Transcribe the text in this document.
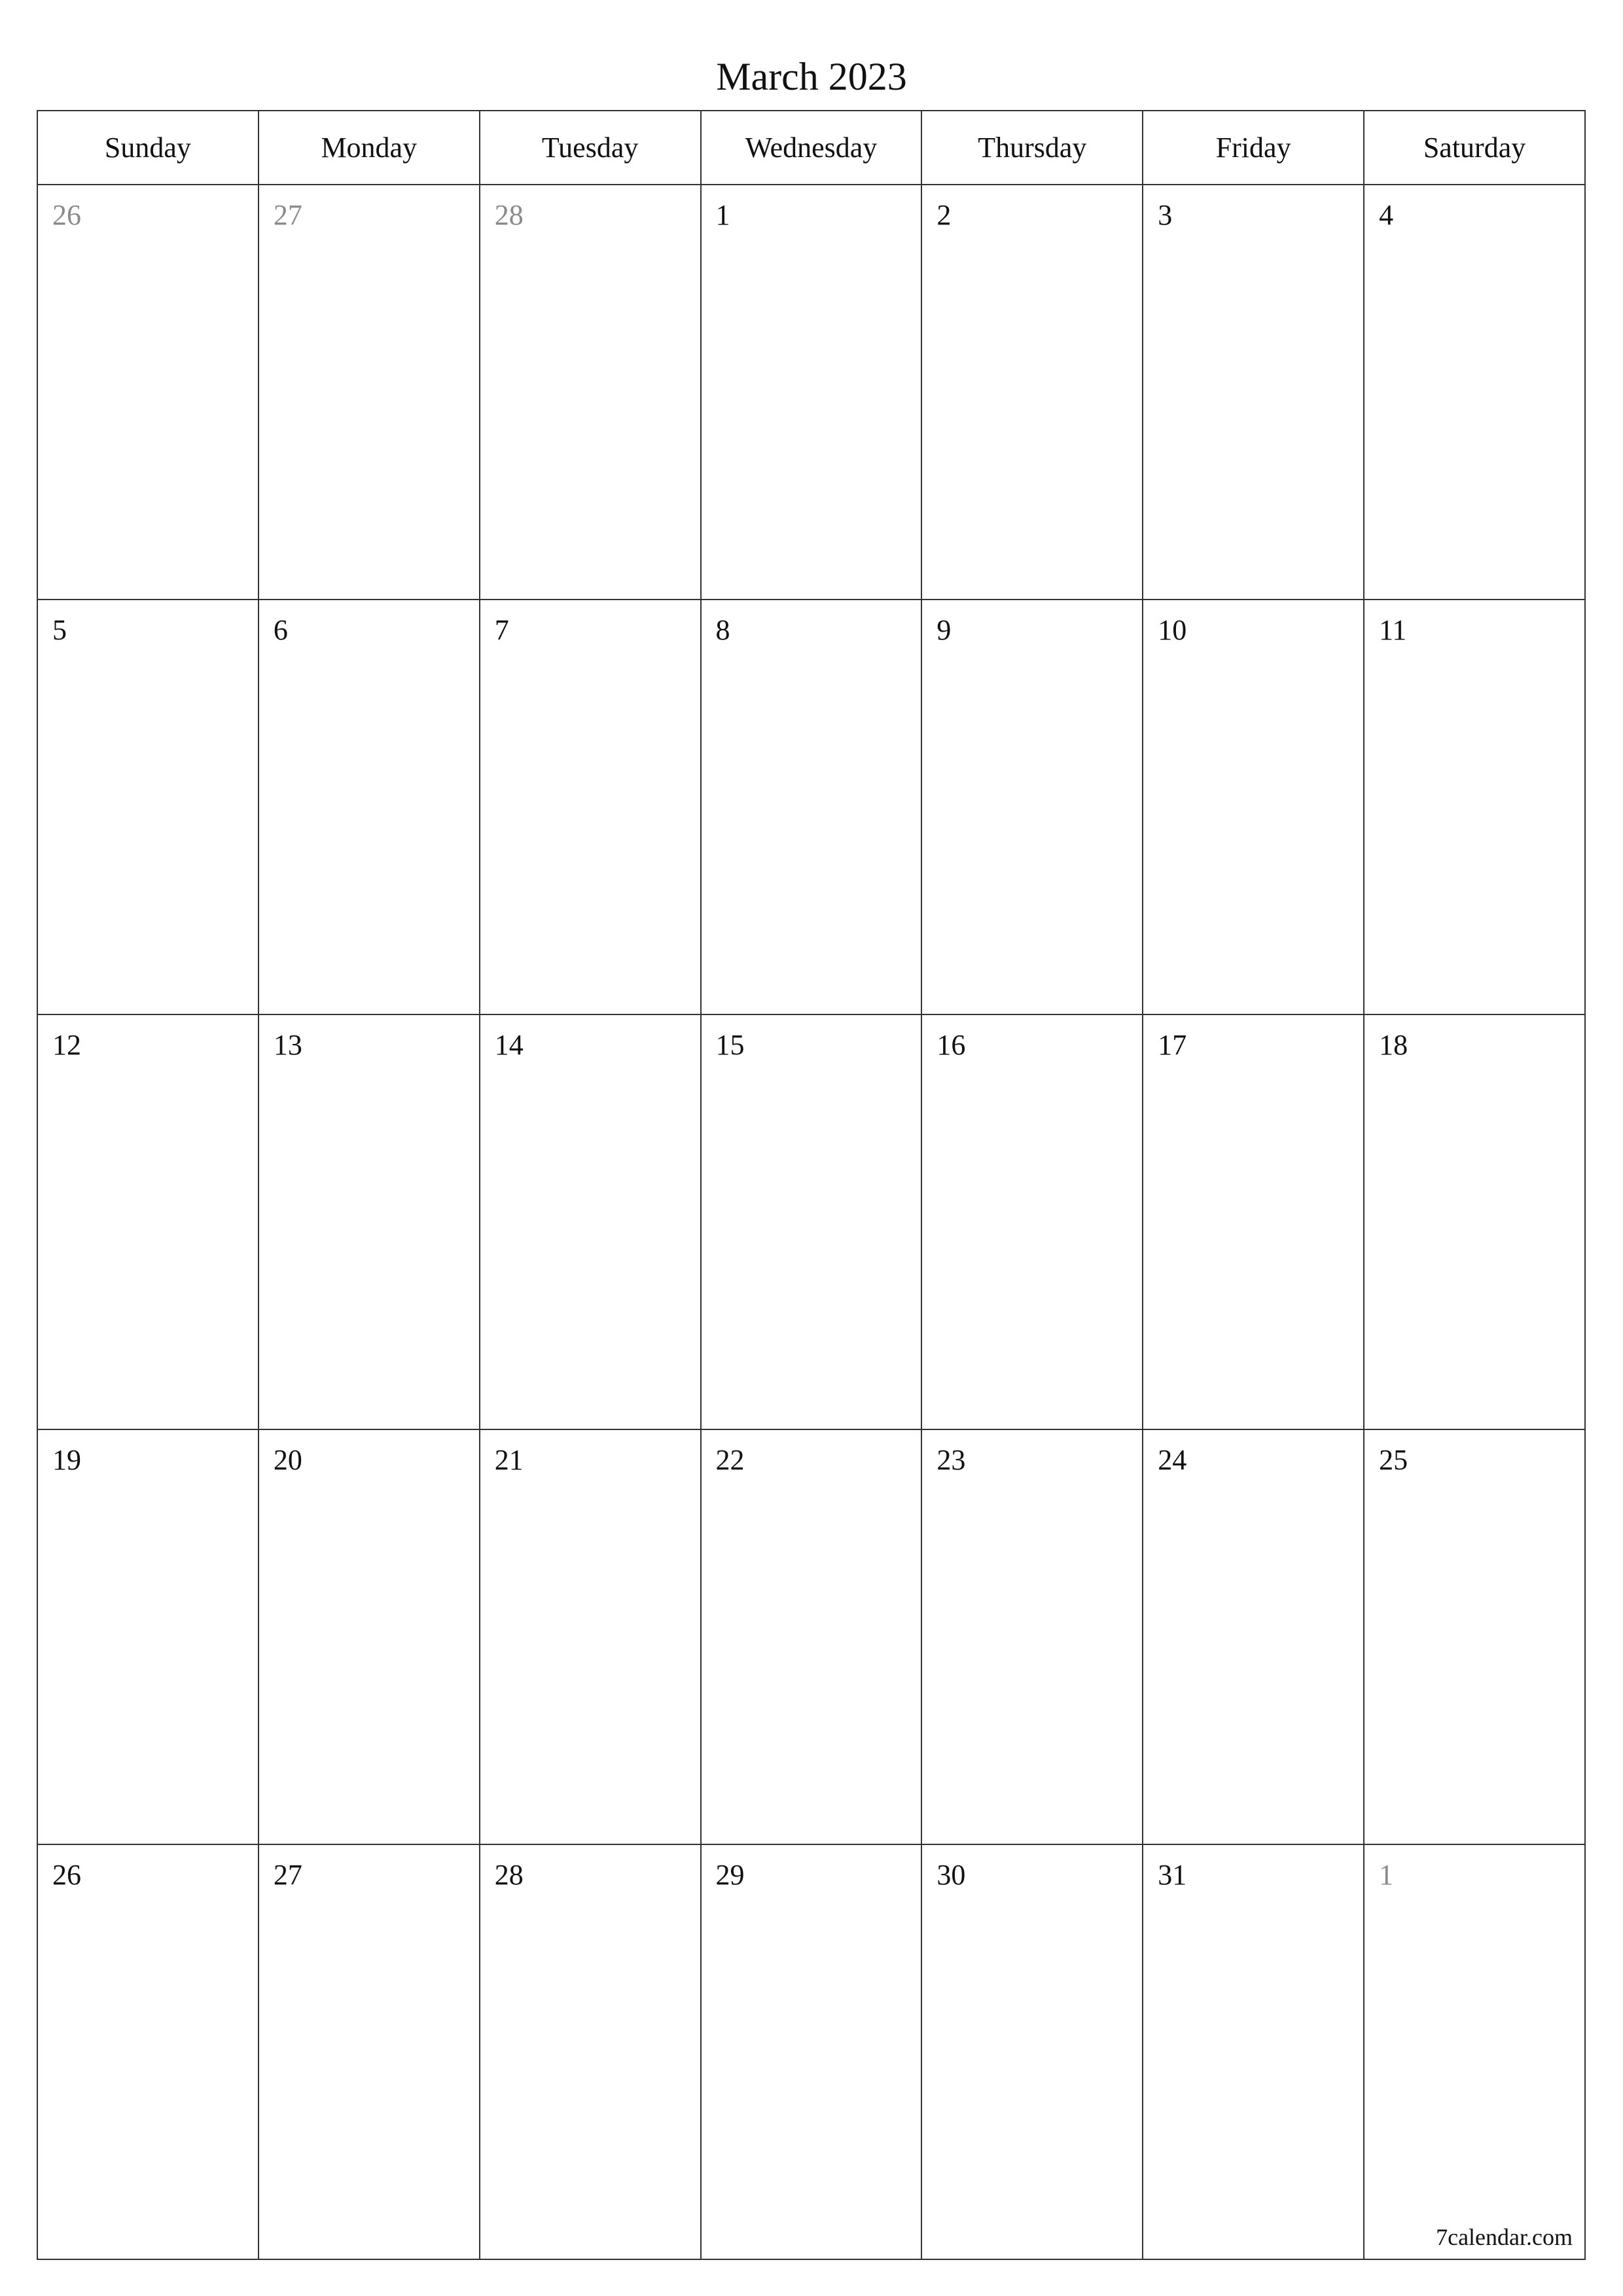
March 2023
Sunday	Monday	Tuesday	Wednesday	Thursday	Friday	Saturday

26	27	28	1	2	3	4

5	6	7	8	9	10	11

12	13	14	15	16	17	18

19	20	21	22	23	24	25

26	27	28	29	30	31	1
7calendar.com
